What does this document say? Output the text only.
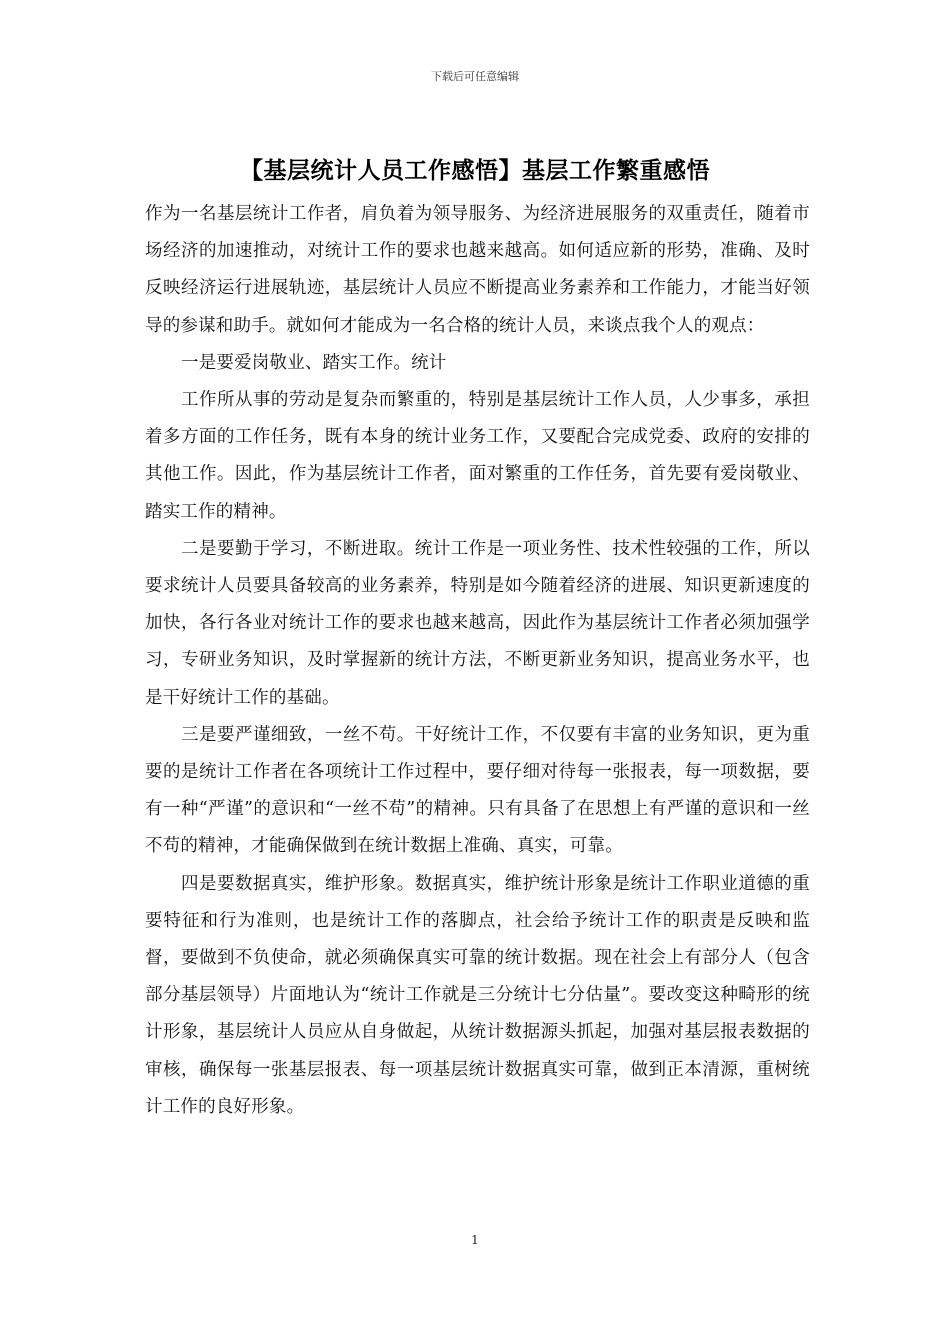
下载后可任意编辑
【基层统计人员工作感悟】基层工作繁重感悟

作为一名基层统计工作者，肩负着为领导服务、为经济进展服务的双重责任，随着市场经济的加速推动，对统计工作的要求也越来越高。如何适应新的形势，准确、及时反映经济运行进展轨迹，基层统计人员应不断提高业务素养和工作能力，才能当好领导的参谋和助手。就如何才能成为一名合格的统计人员，来谈点我个人的观点：

一是要爱岗敬业、踏实工作。统计

工作所从事的劳动是复杂而繁重的，特别是基层统计工作人员，人少事多，承担着多方面的工作任务，既有本身的统计业务工作，又要配合完成党委、政府的安排的其他工作。因此，作为基层统计工作者，面对繁重的工作任务，首先要有爱岗敬业、踏实工作的精神。

二是要勤于学习，不断进取。统计工作是一项业务性、技术性较强的工作，所以要求统计人员要具备较高的业务素养，特别是如今随着经济的进展、知识更新速度的加快，各行各业对统计工作的要求也越来越高，因此作为基层统计工作者必须加强学习，专研业务知识，及时掌握新的统计方法，不断更新业务知识，提高业务水平，也是干好统计工作的基础。

三是要严谨细致，一丝不苟。干好统计工作，不仅要有丰富的业务知识，更为重要的是统计工作者在各项统计工作过程中，要仔细对待每一张报表，每一项数据，要有一种“严谨”的意识和“一丝不苟”的精神。只有具备了在思想上有严谨的意识和一丝不苟的精神，才能确保做到在统计数据上准确、真实，可靠。

四是要数据真实，维护形象。数据真实，维护统计形象是统计工作职业道德的重要特征和行为准则，也是统计工作的落脚点，社会给予统计工作的职责是反映和监督，要做到不负使命，就必须确保真实可靠的统计数据。现在社会上有部分人（包含部分基层领导）片面地认为“统计工作就是三分统计七分估量”。要改变这种畸形的统计形象，基层统计人员应从自身做起，从统计数据源头抓起，加强对基层报表数据的审核，确保每一张基层报表、每一项基层统计数据真实可靠，做到正本清源，重树统计工作的良好形象。

1
